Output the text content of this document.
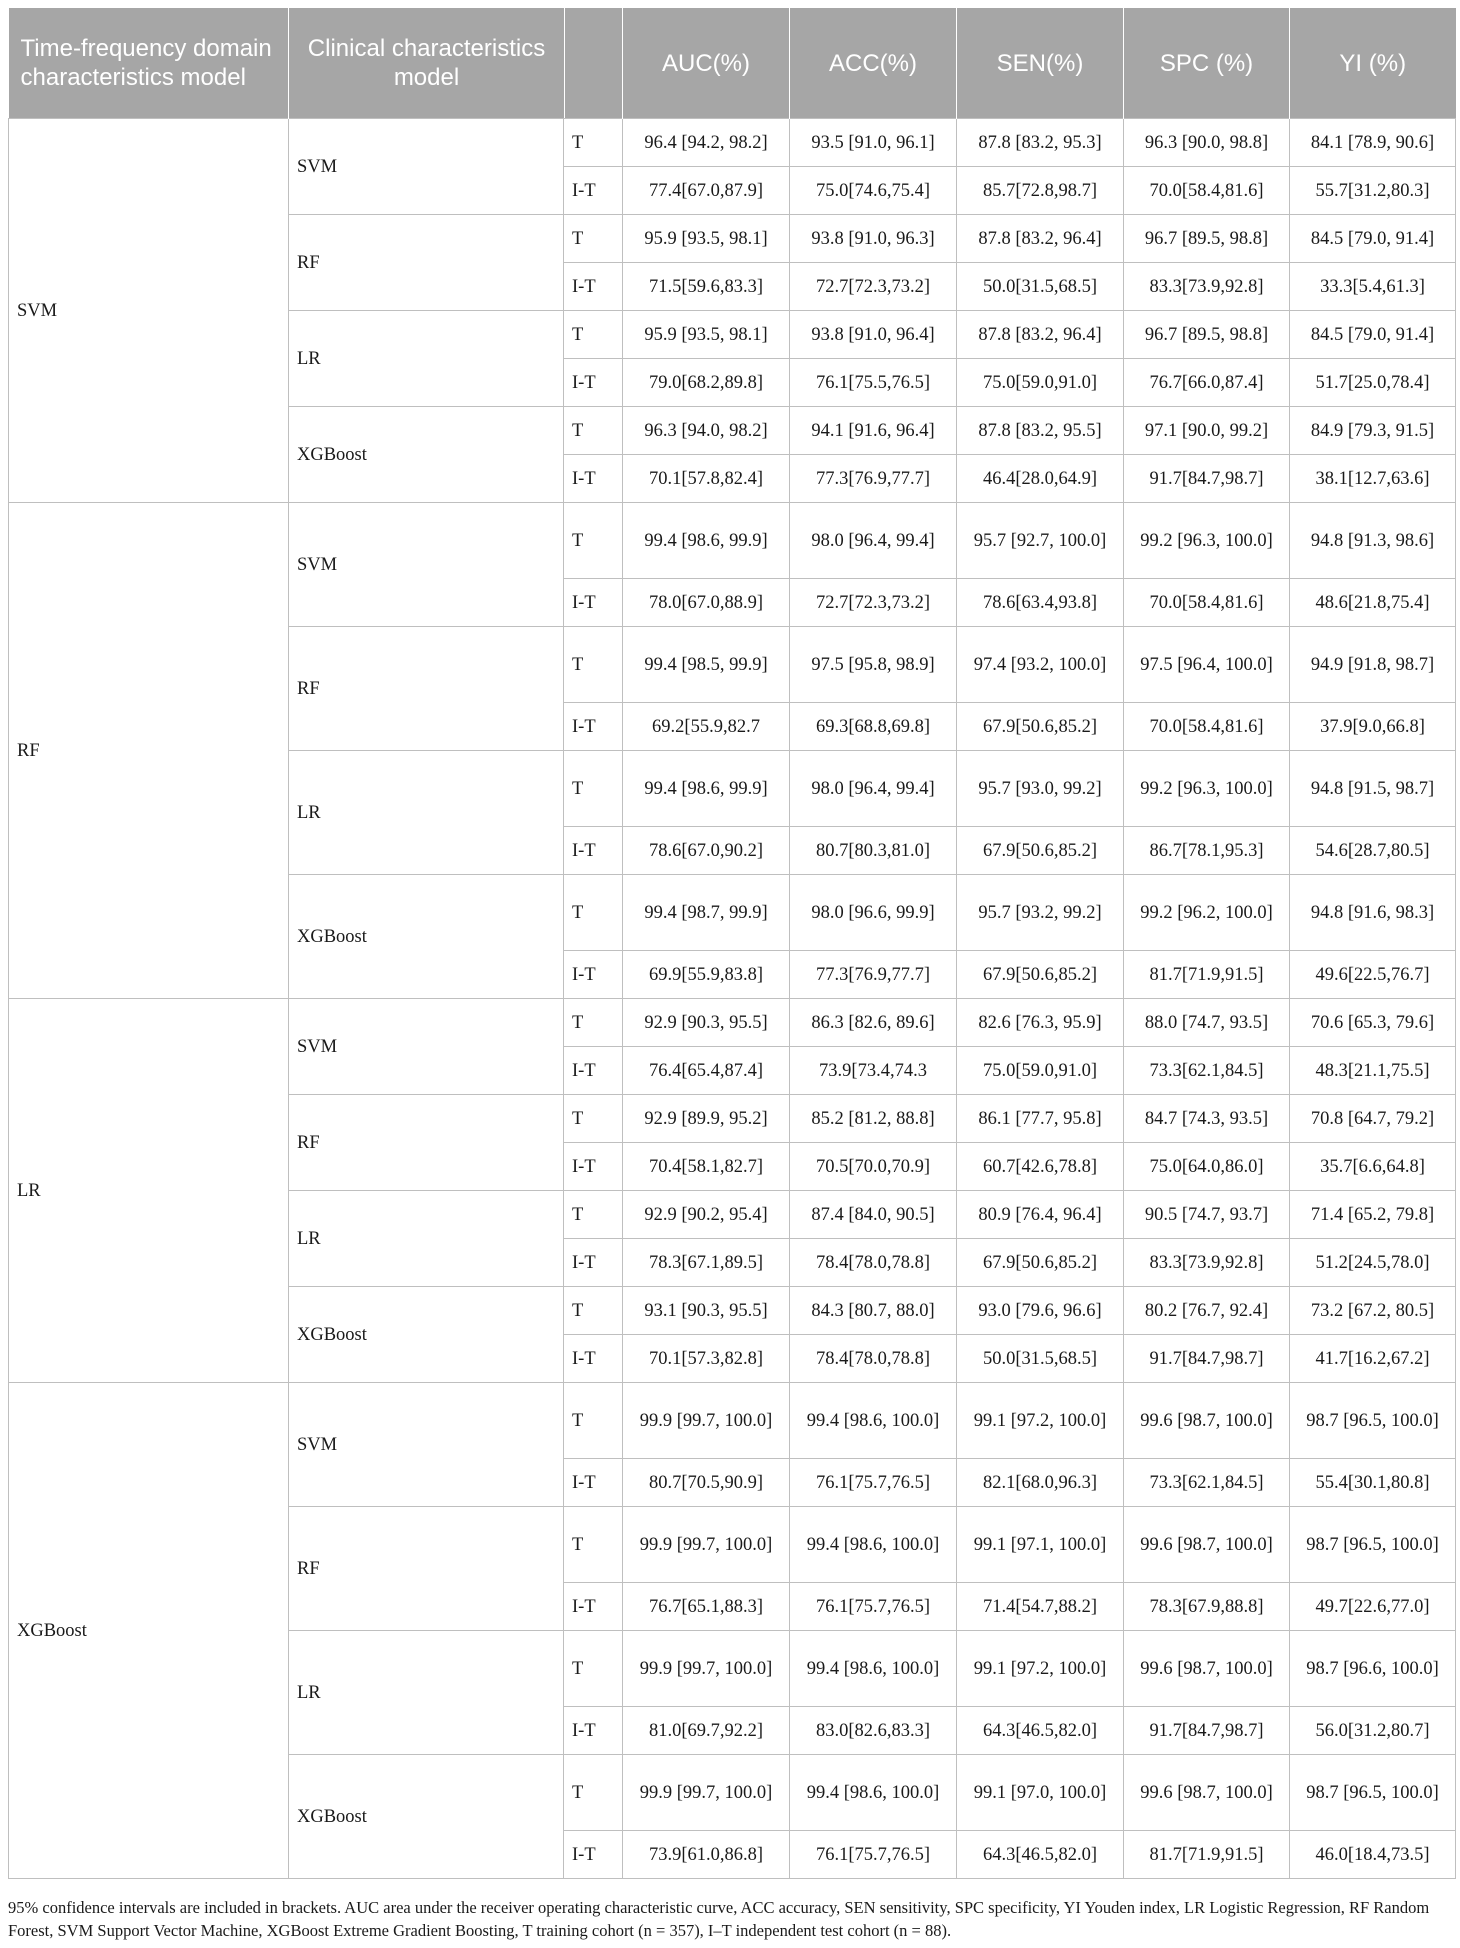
Time-frequency domain characteristics model	Clinical characteristics model		AUC(%)	ACC(%)	SEN(%)	SPC (%)	YI (%)
SVM	SVM	T	96.4 [94.2, 98.2]	93.5 [91.0, 96.1]	87.8 [83.2, 95.3]	96.3 [90.0, 98.8]	84.1 [78.9, 90.6]
		I-T	77.4[67.0,87.9]	75.0[74.6,75.4]	85.7[72.8,98.7]	70.0[58.4,81.6]	55.7[31.2,80.3]
	RF	T	95.9 [93.5, 98.1]	93.8 [91.0, 96.3]	87.8 [83.2, 96.4]	96.7 [89.5, 98.8]	84.5 [79.0, 91.4]
		I-T	71.5[59.6,83.3]	72.7[72.3,73.2]	50.0[31.5,68.5]	83.3[73.9,92.8]	33.3[5.4,61.3]
	LR	T	95.9 [93.5, 98.1]	93.8 [91.0, 96.4]	87.8 [83.2, 96.4]	96.7 [89.5, 98.8]	84.5 [79.0, 91.4]
		I-T	79.0[68.2,89.8]	76.1[75.5,76.5]	75.0[59.0,91.0]	76.7[66.0,87.4]	51.7[25.0,78.4]
	XGBoost	T	96.3 [94.0, 98.2]	94.1 [91.6, 96.4]	87.8 [83.2, 95.5]	97.1 [90.0, 99.2]	84.9 [79.3, 91.5]
		I-T	70.1[57.8,82.4]	77.3[76.9,77.7]	46.4[28.0,64.9]	91.7[84.7,98.7]	38.1[12.7,63.6]
RF	SVM	T	99.4 [98.6, 99.9]	98.0 [96.4, 99.4]	95.7 [92.7, 100.0]	99.2 [96.3, 100.0]	94.8 [91.3, 98.6]
		I-T	78.0[67.0,88.9]	72.7[72.3,73.2]	78.6[63.4,93.8]	70.0[58.4,81.6]	48.6[21.8,75.4]
	RF	T	99.4 [98.5, 99.9]	97.5 [95.8, 98.9]	97.4 [93.2, 100.0]	97.5 [96.4, 100.0]	94.9 [91.8, 98.7]
		I-T	69.2[55.9,82.7	69.3[68.8,69.8]	67.9[50.6,85.2]	70.0[58.4,81.6]	37.9[9.0,66.8]
	LR	T	99.4 [98.6, 99.9]	98.0 [96.4, 99.4]	95.7 [93.0, 99.2]	99.2 [96.3, 100.0]	94.8 [91.5, 98.7]
		I-T	78.6[67.0,90.2]	80.7[80.3,81.0]	67.9[50.6,85.2]	86.7[78.1,95.3]	54.6[28.7,80.5]
	XGBoost	T	99.4 [98.7, 99.9]	98.0 [96.6, 99.9]	95.7 [93.2, 99.2]	99.2 [96.2, 100.0]	94.8 [91.6, 98.3]
		I-T	69.9[55.9,83.8]	77.3[76.9,77.7]	67.9[50.6,85.2]	81.7[71.9,91.5]	49.6[22.5,76.7]
LR	SVM	T	92.9 [90.3, 95.5]	86.3 [82.6, 89.6]	82.6 [76.3, 95.9]	88.0 [74.7, 93.5]	70.6 [65.3, 79.6]
		I-T	76.4[65.4,87.4]	73.9[73.4,74.3	75.0[59.0,91.0]	73.3[62.1,84.5]	48.3[21.1,75.5]
	RF	T	92.9 [89.9, 95.2]	85.2 [81.2, 88.8]	86.1 [77.7, 95.8]	84.7 [74.3, 93.5]	70.8 [64.7, 79.2]
		I-T	70.4[58.1,82.7]	70.5[70.0,70.9]	60.7[42.6,78.8]	75.0[64.0,86.0]	35.7[6.6,64.8]
	LR	T	92.9 [90.2, 95.4]	87.4 [84.0, 90.5]	80.9 [76.4, 96.4]	90.5 [74.7, 93.7]	71.4 [65.2, 79.8]
		I-T	78.3[67.1,89.5]	78.4[78.0,78.8]	67.9[50.6,85.2]	83.3[73.9,92.8]	51.2[24.5,78.0]
	XGBoost	T	93.1 [90.3, 95.5]	84.3 [80.7, 88.0]	93.0 [79.6, 96.6]	80.2 [76.7, 92.4]	73.2 [67.2, 80.5]
		I-T	70.1[57.3,82.8]	78.4[78.0,78.8]	50.0[31.5,68.5]	91.7[84.7,98.7]	41.7[16.2,67.2]
XGBoost	SVM	T	99.9 [99.7, 100.0]	99.4 [98.6, 100.0]	99.1 [97.2, 100.0]	99.6 [98.7, 100.0]	98.7 [96.5, 100.0]
		I-T	80.7[70.5,90.9]	76.1[75.7,76.5]	82.1[68.0,96.3]	73.3[62.1,84.5]	55.4[30.1,80.8]
	RF	T	99.9 [99.7, 100.0]	99.4 [98.6, 100.0]	99.1 [97.1, 100.0]	99.6 [98.7, 100.0]	98.7 [96.5, 100.0]
		I-T	76.7[65.1,88.3]	76.1[75.7,76.5]	71.4[54.7,88.2]	78.3[67.9,88.8]	49.7[22.6,77.0]
	LR	T	99.9 [99.7, 100.0]	99.4 [98.6, 100.0]	99.1 [97.2, 100.0]	99.6 [98.7, 100.0]	98.7 [96.6, 100.0]
		I-T	81.0[69.7,92.2]	83.0[82.6,83.3]	64.3[46.5,82.0]	91.7[84.7,98.7]	56.0[31.2,80.7]
	XGBoost	T	99.9 [99.7, 100.0]	99.4 [98.6, 100.0]	99.1 [97.0, 100.0]	99.6 [98.7, 100.0]	98.7 [96.5, 100.0]
		I-T	73.9[61.0,86.8]	76.1[75.7,76.5]	64.3[46.5,82.0]	81.7[71.9,91.5]	46.0[18.4,73.5]
95% confidence intervals are included in brackets. AUC area under the receiver operating characteristic curve, ACC accuracy, SEN sensitivity, SPC specificity, YI Youden index, LR Logistic Regression, RF Random Forest, SVM Support Vector Machine, XGBoost Extreme Gradient Boosting, T training cohort (n = 357), I–T independent test cohort (n = 88).
